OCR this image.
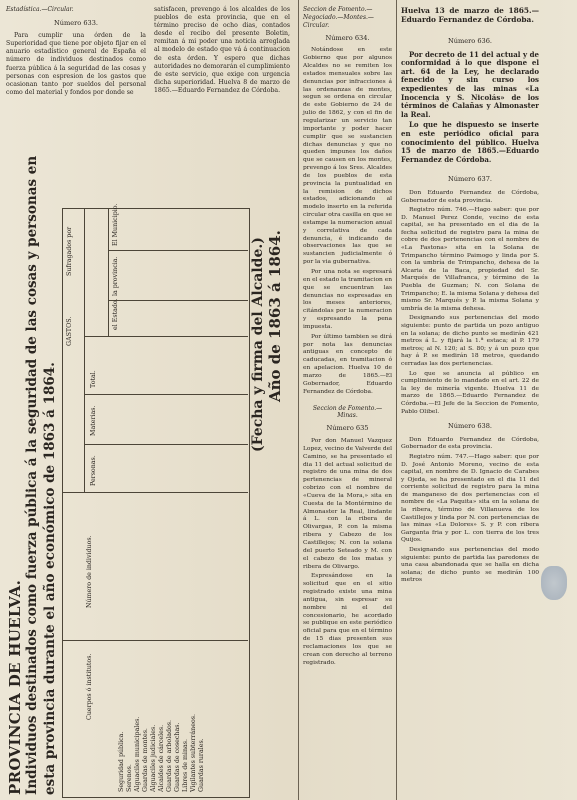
Estadística.—Circular.

Número 633.

Para cumplir una órden de la Superioridad que tiene por objeto fijar en el anuario estadístico general de España el número de individuos destinados como fuerza pública á la seguridad de las cosas y personas con espresion de los gastos que ocasionan tanto por sueldos del personal como del material y fondos por donde se

satisfacen, prevengo á los alcaldes de los pueblos de esta provincia, que en el término preciso de ocho dias, contados desde el recibo del presente Boletin, remitan á mi poder una noticia arreglada al modelo de estado que vá á continuacion de esta órden. Y espero que dichas autoridades no demorarán el cumplimiento de este servicio, que exige con urgencia dicha superioridad. Huelva 8 de marzo de 1865.—Eduardo Fernandez de Córdoba.

PROVINCIA DE HUELVA. Individuos destinados como fuerza pública á la seguridad de las cosas y personas en esta provincia durante el año económico de 1863 á 1864.
Año de 1863 á 1864.
(Fecha y firma del Alcalde.)
Cuerpos ó institutos.
Número de individuos.
GASTOS.
Personas.
Materias.
Total.
Sufragados por
el Estado.
la provincia.
El Municipio.
Seguridad pública. Serenos. Alguaciles municipales. Guardas de montes. Alguaciles judiciales. Alcaides de cárceles. Guardas de arbolados. Guardas de cosechas. Libres de minas. Vigilantes subterráneos. Guardas rurales.

Seccion de Fomento.—Negociado.—Montes.—Circular.

Número 634.

Notándose en este Gobierno que por algunos Alcaldes no se remiten los estados mensuales sobre las denuncias por infracciones á las ordenanzas de montes, segun se ordena en circular de este Gobierno de 24 de julio de 1862, y con el fin de regularizar un servicio tan importante y poder hacer cumplir que se sustancien dichas denuncias y que no queden impunes los daños que se causen en los montes, prevengo á los Sres. Alcaldes de los pueblos de esta provincia la puntualidad en la remision de dichos estados, adicionando al modelo inserto en la referida circular otra casilla en que se estampe la numeracion anual y correlativa de cada denuncia, é indicando de observaciones las que se sustancien judicialmente ó por la via gubernativa.

Por una nota se espresará en el estado la tramitacion en que se encuentran las denuncias no espresadas en los meses anteriores, citándolas por la numeracion y espresando la pena impuesta.

Por último tambien se dirá por nota las denuncias antiguas en concepto de caducadas, en tramitacion ó en apelacion. Huelva 10 de marzo de 1865.—El Gobernador, Eduardo Fernandez de Córdoba.

Seccion de Fomento.—Minas.

Número 635

Por don Manuel Vazquez Lopez, vecino de Valverde del Camino, se ha presentado el dia 11 del actual solicitud de registro de una mina de dos pertenencias de mineral cobrizo con el nombre de «Cueva de la Mora,» sita en Cuesta de la Montérmino de Almonaster la Real, lindante á L. con la ribera de Olivargas, P. con la misma ribera y Cabezo de los Castillejos; N. con la solana del puerto Seteado y M. con el cabezo de los matas y ribera de Olivargo.

Espresándose en la solicitud que en el sitio registrado existe una mina antigua, sin espresar su nombre ni el del concesionario, he acordado se publique en este periódico oficial para que en el término de 15 dias presenten sus reclamaciones los que se crean con derecho al terreno registrado.

Huelva 13 de marzo de 1865.—Eduardo Fernandez de Córdoba.

Número 636.

Por decreto de 11 del actual y de conformidad á lo que dispone el art. 64 de la Ley, he declarado fenecido y sin curso los expedientes de las minas «La Inocencia y S. Nicolás» de los términos de Calañas y Almonaster la Real.

Lo que he dispuesto se inserte en este periódico oficial para conocimiento del público. Huelva 15 de marzo de 1865.—Eduardo Fernandez de Córdoba.

Número 637.

Don Eduardo Fernandez de Córdoba, Gobernador de esta provincia.

Registro núm. 746.—Hago saber: que por D. Manuel Perez Conde, vecino de esta capital, se ha presentado en el dia de la fecha solicitud de registro para la mina de cobre de dos pertenencias con el nombre de «La Fastona» sita en la Solana de Trimpancho término Paimogo y linda por S. con la umbría de Trimpancho, dehesa de la Alcaria de la Baca, propiedad del Sr. Marqués de Villafranca, y término de la Puebla de Guzman; N. con Solana de Trimpancho; E. la misma Solana y dehesa del mismo Sr. Marqués y P. la misma Solana y umbría de la misma dehesa.

Designando sus pertenencias del modo siguiente: punto de partida un pozo antiguo en la solana; de dicho punto se medirán 421 metros á L. y fijará la 1.ª estaca; al P. 179 metros; al N. 120; al S. 80; y á un pozo que hay á P. se medirán 18 metros, quedando cerradas las dos pertenencias.

Lo que se anuncia al público en cumplimiento de lo mandado en el art. 22 de la ley de minería vigente. Huelva 11 de marzo de 1865.—Eduardo Fernandez de Córdoba.—El Jefe de la Seccion de Fomento, Pablo Olibel.

Número 638.

Don Eduardo Fernandez de Córdoba, Gobernador de esta provincia.

Registro núm. 747.—Hago saber: que por D. José Antonio Moreno, vecino de esta capital, en nombre de D. Ignacio de Carabes y Ojeda, se ha presentado en el dia 11 del corriente solicitud de registro para la mina de manganeso de dos pertenencias con el nombre de «La Paquita» sita en la solana de la ribera, término de Villanueva de los Castillejos y linda por N. con pertenencias de las minas «La Dolores» S. y P. con ribera Garganta fria y por L. con tierra de los tres Quijos.

Designando sus pertenencias del modo siguiente: punto de partida las paredones de una casa abandonada que se halla en dicha solana; de dicho punto se medirán 100 metros
